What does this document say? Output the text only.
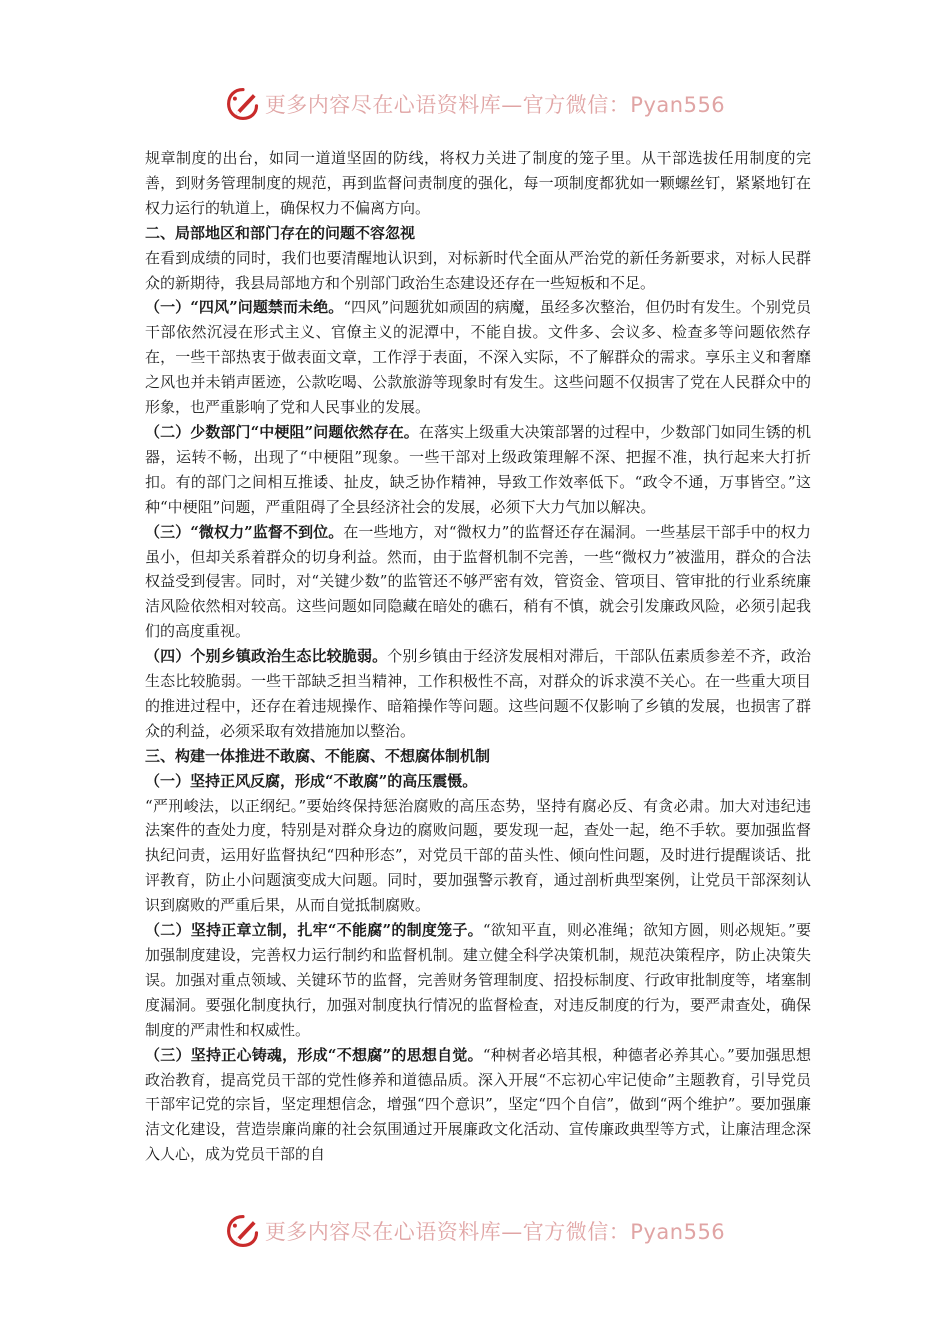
更多内容尽在心语资料库—官方微信：Pyan556

规章制度的出台，如同一道道坚固的防线，将权力关进了制度的笼子里。从干部选拔任用制度的完善，到财务管理制度的规范，再到监督问责制度的强化，每一项制度都犹如一颗螺丝钉，紧紧地钉在权力运行的轨道上，确保权力不偏离方向。

二、局部地区和部门存在的问题不容忽视

在看到成绩的同时，我们也要清醒地认识到，对标新时代全面从严治党的新任务新要求，对标人民群众的新期待，我县局部地方和个别部门政治生态建设还存在一些短板和不足。

（一）“四风”问题禁而未绝。“四风”问题犹如顽固的病魔，虽经多次整治，但仍时有发生。个别党员干部依然沉浸在形式主义、官僚主义的泥潭中，不能自拔。文件多、会议多、检查多等问题依然存在，一些干部热衷于做表面文章，工作浮于表面，不深入实际，不了解群众的需求。享乐主义和奢靡之风也并未销声匿迹，公款吃喝、公款旅游等现象时有发生。这些问题不仅损害了党在人民群众中的形象，也严重影响了党和人民事业的发展。

（二）少数部门“中梗阻”问题依然存在。在落实上级重大决策部署的过程中，少数部门如同生锈的机器，运转不畅，出现了“中梗阻”现象。一些干部对上级政策理解不深、把握不准，执行起来大打折扣。有的部门之间相互推诿、扯皮，缺乏协作精神，导致工作效率低下。“政令不通，万事皆空。”这种“中梗阻”问题，严重阻碍了全县经济社会的发展，必须下大力气加以解决。

（三）“微权力”监督不到位。在一些地方，对“微权力”的监督还存在漏洞。一些基层干部手中的权力虽小，但却关系着群众的切身利益。然而，由于监督机制不完善，一些“微权力”被滥用，群众的合法权益受到侵害。同时，对“关键少数”的监管还不够严密有效，管资金、管项目、管审批的行业系统廉洁风险依然相对较高。这些问题如同隐藏在暗处的礁石，稍有不慎，就会引发廉政风险，必须引起我们的高度重视。

（四）个别乡镇政治生态比较脆弱。个别乡镇由于经济发展相对滞后，干部队伍素质参差不齐，政治生态比较脆弱。一些干部缺乏担当精神，工作积极性不高，对群众的诉求漠不关心。在一些重大项目的推进过程中，还存在着违规操作、暗箱操作等问题。这些问题不仅影响了乡镇的发展，也损害了群众的利益，必须采取有效措施加以整治。

三、构建一体推进不敢腐、不能腐、不想腐体制机制

（一）坚持正风反腐，形成“不敢腐”的高压震慑。

“严刑峻法，以正纲纪。”要始终保持惩治腐败的高压态势，坚持有腐必反、有贪必肃。加大对违纪违法案件的查处力度，特别是对群众身边的腐败问题，要发现一起，查处一起，绝不手软。要加强监督执纪问责，运用好监督执纪“四种形态”，对党员干部的苗头性、倾向性问题，及时进行提醒谈话、批评教育，防止小问题演变成大问题。同时，要加强警示教育，通过剖析典型案例，让党员干部深刻认识到腐败的严重后果，从而自觉抵制腐败。

（二）坚持正章立制，扎牢“不能腐”的制度笼子。“欲知平直，则必准绳；欲知方圆，则必规矩。”要加强制度建设，完善权力运行制约和监督机制。建立健全科学决策机制，规范决策程序，防止决策失误。加强对重点领域、关键环节的监督，完善财务管理制度、招投标制度、行政审批制度等，堵塞制度漏洞。要强化制度执行，加强对制度执行情况的监督检查，对违反制度的行为，要严肃查处，确保制度的严肃性和权威性。

（三）坚持正心铸魂，形成“不想腐”的思想自觉。“种树者必培其根，种德者必养其心。”要加强思想政治教育，提高党员干部的党性修养和道德品质。深入开展“不忘初心牢记使命”主题教育，引导党员干部牢记党的宗旨，坚定理想信念，增强“四个意识”，坚定“四个自信”，做到“两个维护”。要加强廉洁文化建设，营造崇廉尚廉的社会氛围通过开展廉政文化活动、宣传廉政典型等方式，让廉洁理念深入人心，成为党员干部的自

更多内容尽在心语资料库—官方微信：Pyan556
